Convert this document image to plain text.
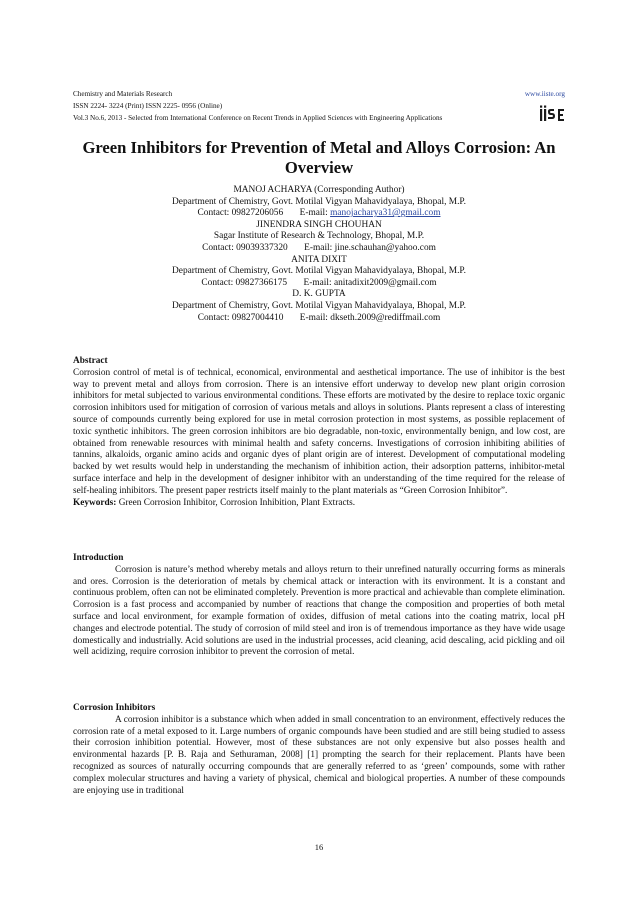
Chemistry and Materials Research	www.iiste.org
ISSN 2224- 3224 (Print) ISSN 2225- 0956 (Online)
Vol.3 No.6, 2013 - Selected from International Conference on Recent Trends in Applied Sciences with Engineering Applications
Green Inhibitors for Prevention of Metal and Alloys Corrosion: An Overview
MANOJ ACHARYA (Corresponding Author)
Department of Chemistry, Govt. Motilal Vigyan Mahavidyalaya, Bhopal, M.P.
Contact: 09827206056 E-mail: manojacharya31@gmail.com
JINENDRA SINGH CHOUHAN
Sagar Institute of Research & Technology, Bhopal, M.P.
Contact: 09039337320 E-mail: jine.schauhan@yahoo.com
ANITA DIXIT
Department of Chemistry, Govt. Motilal Vigyan Mahavidyalaya, Bhopal, M.P.
Contact: 09827366175 E-mail: anitadixit2009@gmail.com
D. K. GUPTA
Department of Chemistry, Govt. Motilal Vigyan Mahavidyalaya, Bhopal, M.P.
Contact: 09827004410 E-mail: dkseth.2009@rediffmail.com

Abstract

Corrosion control of metal is of technical, economical, environmental and aesthetical importance. The use of inhibitor is the best way to prevent metal and alloys from corrosion. There is an intensive effort underway to develop new plant origin corrosion inhibitors for metal subjected to various environmental conditions. These efforts are motivated by the desire to replace toxic organic corrosion inhibitors used for mitigation of corrosion of various metals and alloys in solutions. Plants represent a class of interesting source of compounds currently being explored for use in metal corrosion protection in most systems, as possible replacement of toxic synthetic inhibitors. The green corrosion inhibitors are bio degradable, non-toxic, environmentally benign, and low cost, are obtained from renewable resources with minimal health and safety concerns. Investigations of corrosion inhibiting abilities of tannins, alkaloids, organic amino acids and organic dyes of plant origin are of interest. Development of computational modeling backed by wet results would help in understanding the mechanism of inhibition action, their adsorption patterns, inhibitor-metal surface interface and help in the development of designer inhibitor with an understanding of the time required for the release of self-healing inhibitors. The present paper restricts itself mainly to the plant materials as “Green Corrosion Inhibitor”.

Keywords: Green Corrosion Inhibitor, Corrosion Inhibition, Plant Extracts.

Introduction

Corrosion is nature’s method whereby metals and alloys return to their unrefined naturally occurring forms as minerals and ores. Corrosion is the deterioration of metals by chemical attack or interaction with its environment. It is a constant and continuous problem, often can not be eliminated completely. Prevention is more practical and achievable than complete elimination. Corrosion is a fast process and accompanied by number of reactions that change the composition and properties of both metal surface and local environment, for example formation of oxides, diffusion of metal cations into the coating matrix, local pH changes and electrode potential. The study of corrosion of mild steel and iron is of tremendous importance as they have wide usage domestically and industrially. Acid solutions are used in the industrial processes, acid cleaning, acid descaling, acid pickling and oil well acidizing, require corrosion inhibitor to prevent the corrosion of metal.

Corrosion Inhibitors

A corrosion inhibitor is a substance which when added in small concentration to an environment, effectively reduces the corrosion rate of a metal exposed to it. Large numbers of organic compounds have been studied and are still being studied to assess their corrosion inhibition potential. However, most of these substances are not only expensive but also posses health and environmental hazards [P. B. Raja and Sethuraman, 2008] [1] prompting the search for their replacement. Plants have been recognized as sources of naturally occurring compounds that are generally referred to as ‘green’ compounds, some with rather complex molecular structures and having a variety of physical, chemical and biological properties. A number of these compounds are enjoying use in traditional

16
